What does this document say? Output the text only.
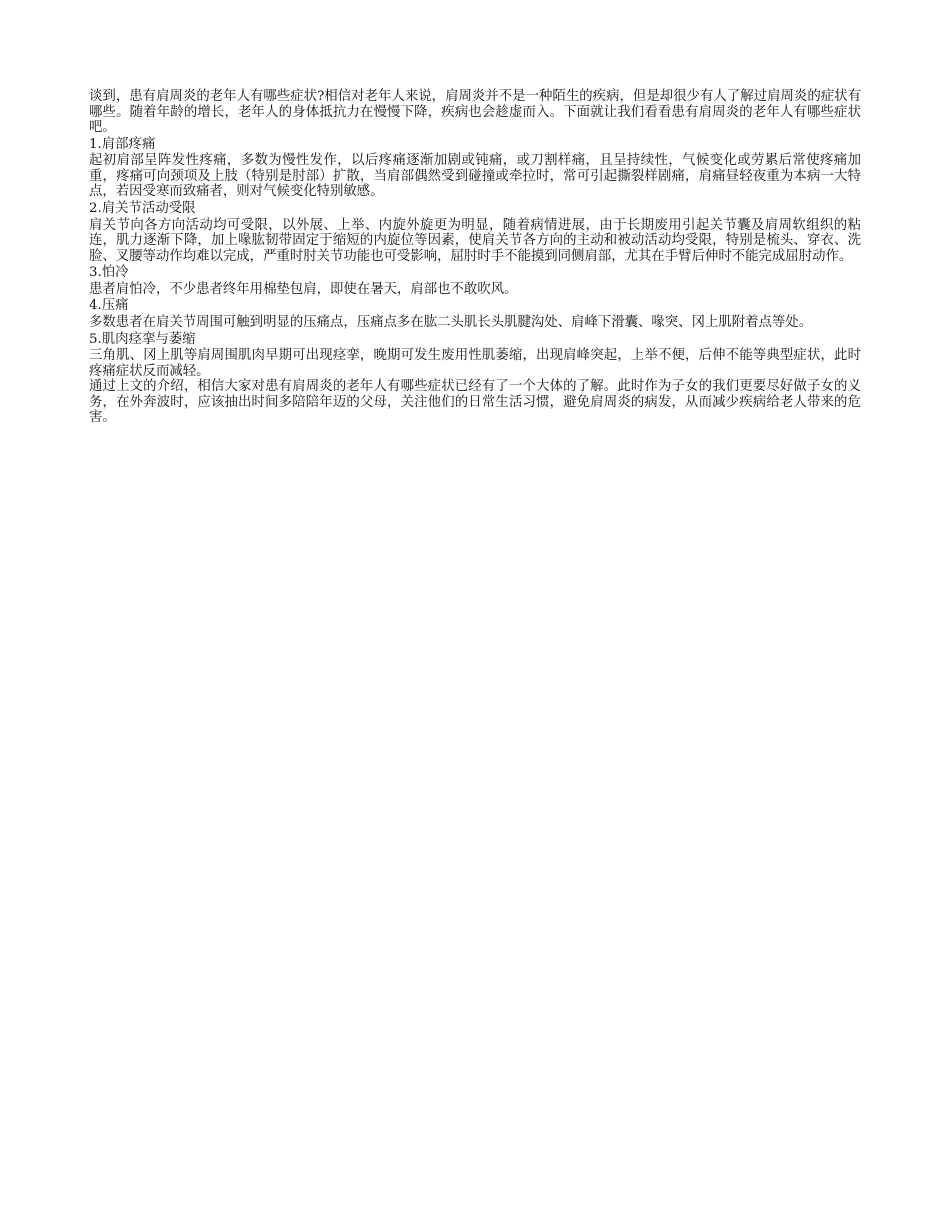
谈到，患有肩周炎的老年人有哪些症状?相信对老年人来说，肩周炎并不是一种陌生的疾病，但是却很少有人了解过肩周炎的症状有哪些。随着年龄的增长，老年人的身体抵抗力在慢慢下降，疾病也会趁虚而入。下面就让我们看看患有肩周炎的老年人有哪些症状吧。

1.肩部疼痛

起初肩部呈阵发性疼痛，多数为慢性发作，以后疼痛逐渐加剧或钝痛，或刀割样痛，且呈持续性，气候变化或劳累后常使疼痛加重，疼痛可向颈项及上肢（特别是肘部）扩散，当肩部偶然受到碰撞或牵拉时，常可引起撕裂样剧痛，肩痛昼轻夜重为本病一大特点，若因受寒而致痛者，则对气候变化特别敏感。

2.肩关节活动受限

肩关节向各方向活动均可受限，以外展、上举、内旋外旋更为明显，随着病情进展，由于长期废用引起关节囊及肩周软组织的粘连，肌力逐渐下降，加上喙肱韧带固定于缩短的内旋位等因素，使肩关节各方向的主动和被动活动均受限，特别是梳头、穿衣、洗脸、叉腰等动作均难以完成，严重时肘关节功能也可受影响，屈肘时手不能摸到同侧肩部，尤其在手臂后伸时不能完成屈肘动作。

3.怕冷

患者肩怕冷，不少患者终年用棉垫包肩，即使在暑天，肩部也不敢吹风。

4.压痛

多数患者在肩关节周围可触到明显的压痛点，压痛点多在肱二头肌长头肌腱沟处、肩峰下滑囊、喙突、冈上肌附着点等处。

5.肌肉痉挛与萎缩

三角肌、冈上肌等肩周围肌肉早期可出现痉挛，晚期可发生废用性肌萎缩，出现肩峰突起，上举不便，后伸不能等典型症状，此时疼痛症状反而减轻。

通过上文的介绍，相信大家对患有肩周炎的老年人有哪些症状已经有了一个大体的了解。此时作为子女的我们更要尽好做子女的义务，在外奔波时，应该抽出时间多陪陪年迈的父母，关注他们的日常生活习惯，避免肩周炎的病发，从而减少疾病给老人带来的危害。
